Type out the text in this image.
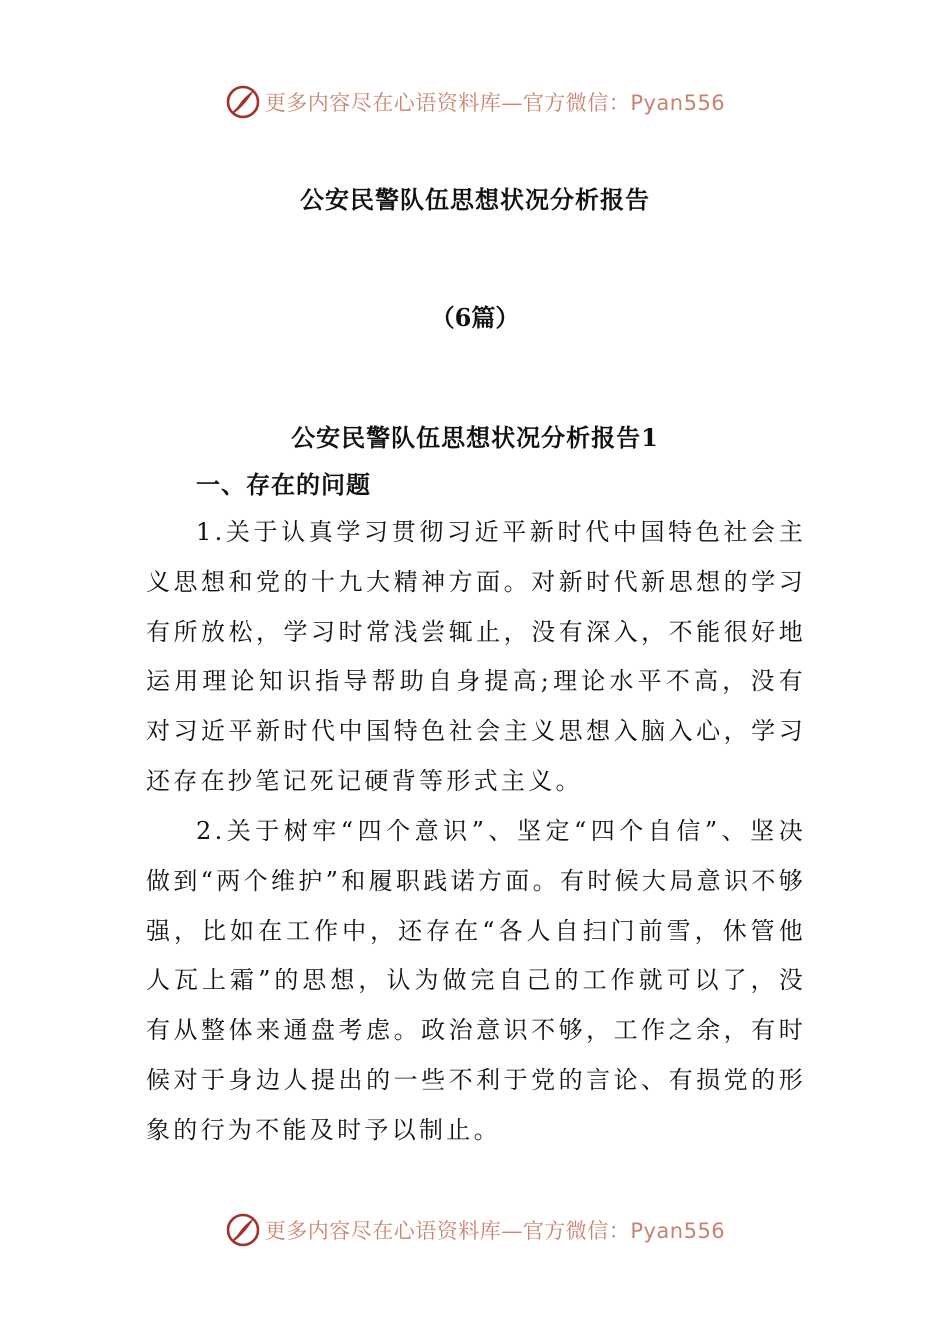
更多内容尽在心语资料库—官方微信：Pyan556
公安民警队伍思想状况分析报告
（6篇）
公安民警队伍思想状况分析报告1
一、存在的问题

1.关于认真学习贯彻习近平新时代中国特色社会主义思想和党的十九大精神方面。对新时代新思想的学习有所放松，学习时常浅尝辄止，没有深入，不能很好地运用理论知识指导帮助自身提高;理论水平不高，没有对习近平新时代中国特色社会主义思想入脑入心，学习还存在抄笔记死记硬背等形式主义。

2.关于树牢“四个意识”、坚定“四个自信”、坚决做到“两个维护”和履职践诺方面。有时候大局意识不够强，比如在工作中，还存在“各人自扫门前雪，休管他人瓦上霜”的思想，认为做完自己的工作就可以了，没有从整体来通盘考虑。政治意识不够，工作之余，有时候对于身边人提出的一些不利于党的言论、有损党的形象的行为不能及时予以制止。

更多内容尽在心语资料库—官方微信：Pyan556
